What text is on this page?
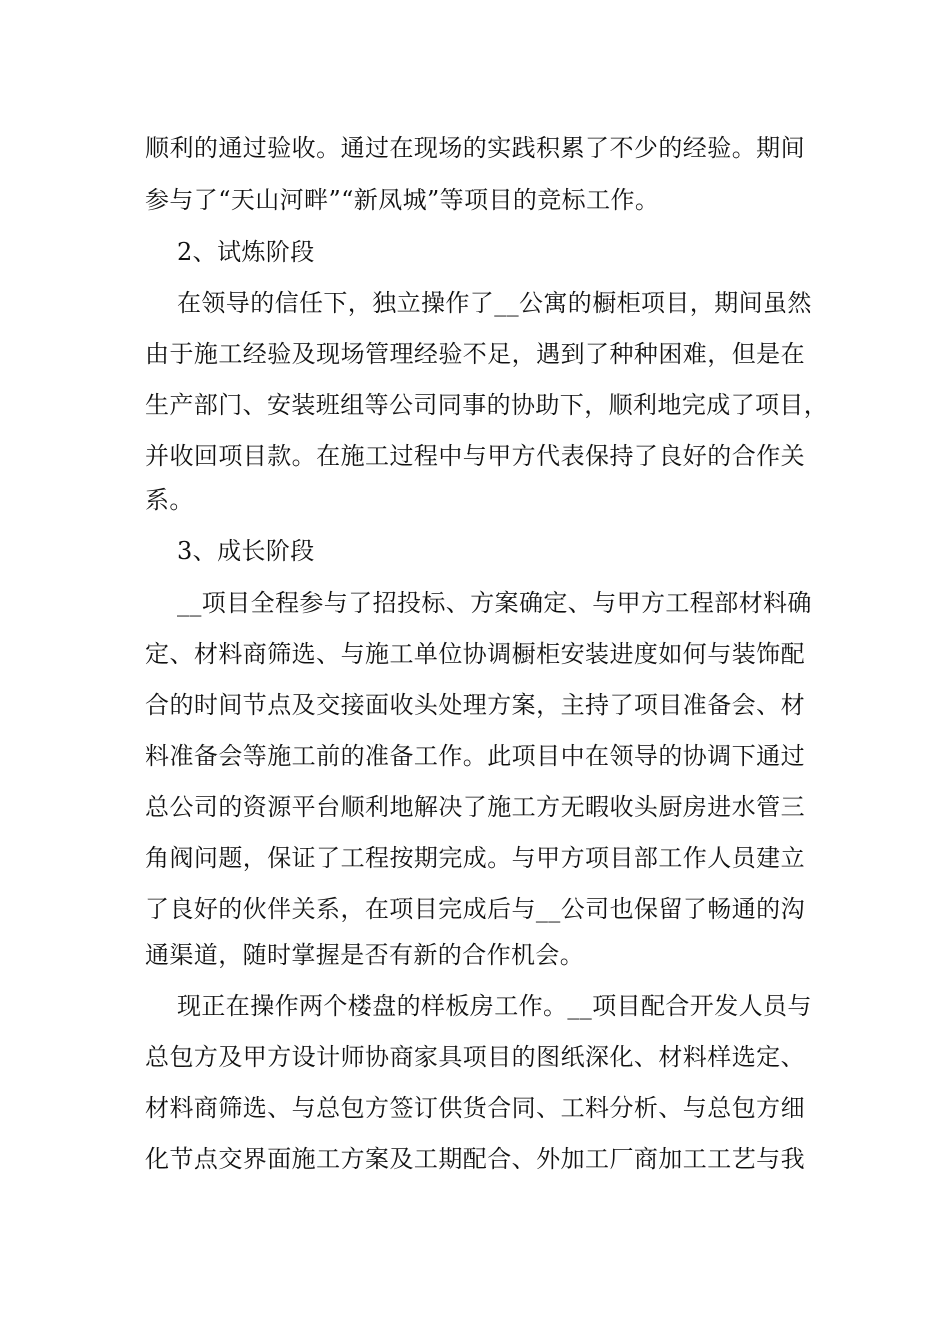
顺利的通过验收。通过在现场的实践积累了不少的经验。期间
参与了“天山河畔”“新凤城”等项目的竞标工作。
2、试炼阶段
在领导的信任下，独立操作了__公寓的橱柜项目，期间虽然
由于施工经验及现场管理经验不足，遇到了种种困难，但是在
生产部门、安装班组等公司同事的协助下，顺利地完成了项目，
并收回项目款。在施工过程中与甲方代表保持了良好的合作关
系。
3、成长阶段
__项目全程参与了招投标、方案确定、与甲方工程部材料确
定、材料商筛选、与施工单位协调橱柜安装进度如何与装饰配
合的时间节点及交接面收头处理方案，主持了项目准备会、材
料准备会等施工前的准备工作。此项目中在领导的协调下通过
总公司的资源平台顺利地解决了施工方无暇收头厨房进水管三
角阀问题，保证了工程按期完成。与甲方项目部工作人员建立
了良好的伙伴关系，在项目完成后与__公司也保留了畅通的沟
通渠道，随时掌握是否有新的合作机会。
现正在操作两个楼盘的样板房工作。__项目配合开发人员与
总包方及甲方设计师协商家具项目的图纸深化、材料样选定、
材料商筛选、与总包方签订供货合同、工料分析、与总包方细
化节点交界面施工方案及工期配合、外加工厂商加工工艺与我
